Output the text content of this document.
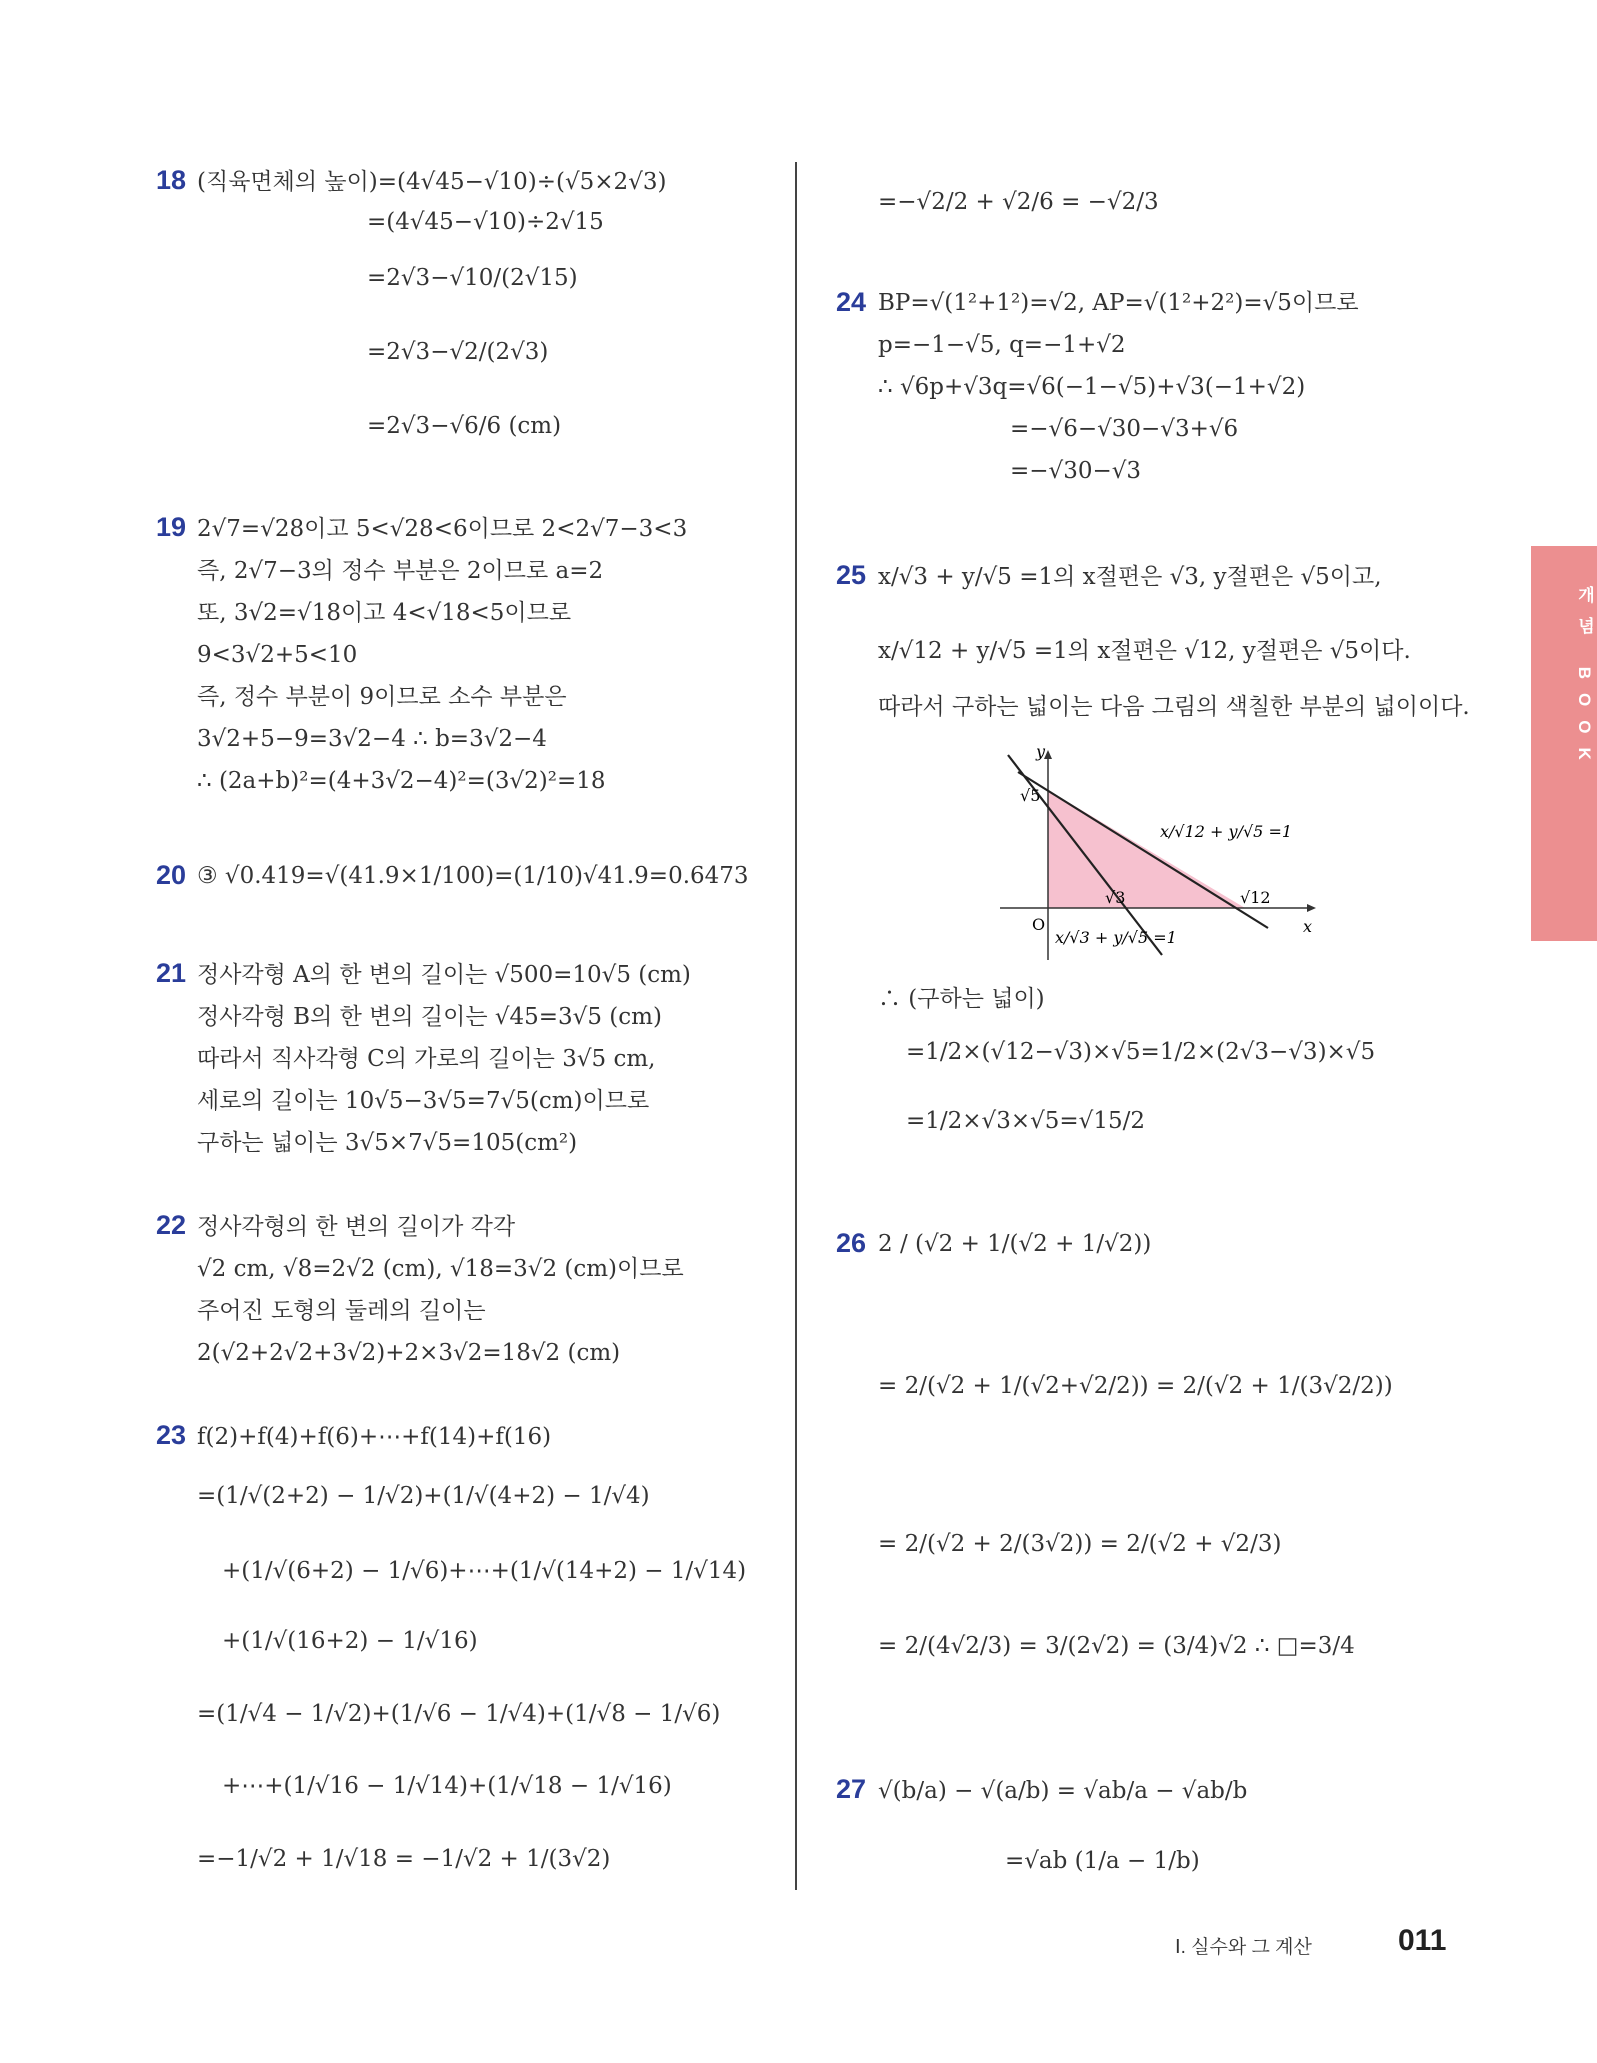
18 (직육면체의 높이)=(4√45−√10)÷(√5×2√3)
=(4√45−√10)÷2√15
=2√3−√10/(2√15)
=2√3−√2/(2√3)
=2√3−√6/6 (cm)
19 2√7=√28이고 5<√28<6이므로 2<2√7−3<3
즉, 2√7−3의 정수 부분은 2이므로 a=2
또, 3√2=√18이고 4<√18<5이므로
9<3√2+5<10
즉, 정수 부분이 9이므로 소수 부분은
3√2+5−9=3√2−4 ∴ b=3√2−4
∴ (2a+b)²=(4+3√2−4)²=(3√2)²=18
20 ③ √0.419=√(41.9×1/100)=(1/10)√41.9=0.6473
21 정사각형 A의 한 변의 길이는 √500=10√5 (cm)
정사각형 B의 한 변의 길이는 √45=3√5 (cm)
따라서 직사각형 C의 가로의 길이는 3√5 cm,
세로의 길이는 10√5−3√5=7√5(cm)이므로
구하는 넓이는 3√5×7√5=105(cm²)
22 정사각형의 한 변의 길이가 각각
√2 cm, √8=2√2 (cm), √18=3√2 (cm)이므로
주어진 도형의 둘레의 길이는
2(√2+2√2+3√2)+2×3√2=18√2 (cm)
23 f(2)+f(4)+f(6)+⋯+f(14)+f(16)
=(1/√(2+2) − 1/√2)+(1/√(4+2) − 1/√4)
+(1/√(6+2) − 1/√6)+⋯+(1/√(14+2) − 1/√14)
+(1/√(16+2) − 1/√16)
=(1/√4 − 1/√2)+(1/√6 − 1/√4)+(1/√8 − 1/√6)
+⋯+(1/√16 − 1/√14)+(1/√18 − 1/√16)
=−1/√2 + 1/√18 = −1/√2 + 1/(3√2)
=−√2/2 + √2/6 = −√2/3
24 BP=√(1²+1²)=√2, AP=√(1²+2²)=√5이므로
p=−1−√5, q=−1+√2
∴ √6p+√3q=√6(−1−√5)+√3(−1+√2)
=−√6−√30−√3+√6
=−√30−√3
25 x/√3 + y/√5 =1의 x절편은 √3, y절편은 √5이고,
x/√12 + y/√5 =1의 x절편은 √12, y절편은 √5이다.
따라서 구하는 넓이는 다음 그림의 색칠한 부분의 넓이이다.
y
x
O
√5
√3	√12
x/√12 + y/√5 =1
x/√3 + y/√5 =1
∴ (구하는 넓이)
=1/2×(√12−√3)×√5=1/2×(2√3−√3)×√5
=1/2×√3×√5=√15/2
26 2 / (√2 + 1/(√2 + 1/√2))
= 2/(√2 + 1/(√2+√2/2)) = 2/(√2 + 1/(3√2/2))
= 2/(√2 + 2/(3√2)) = 2/(√2 + √2/3)
= 2/(4√2/3) = 3/(2√2) = (3/4)√2 ∴ □=3/4
27 √(b/a) − √(a/b) = √ab/a − √ab/b
=√ab (1/a − 1/b)
개념 BOOK
Ⅰ. 실수와 그 계산	011
